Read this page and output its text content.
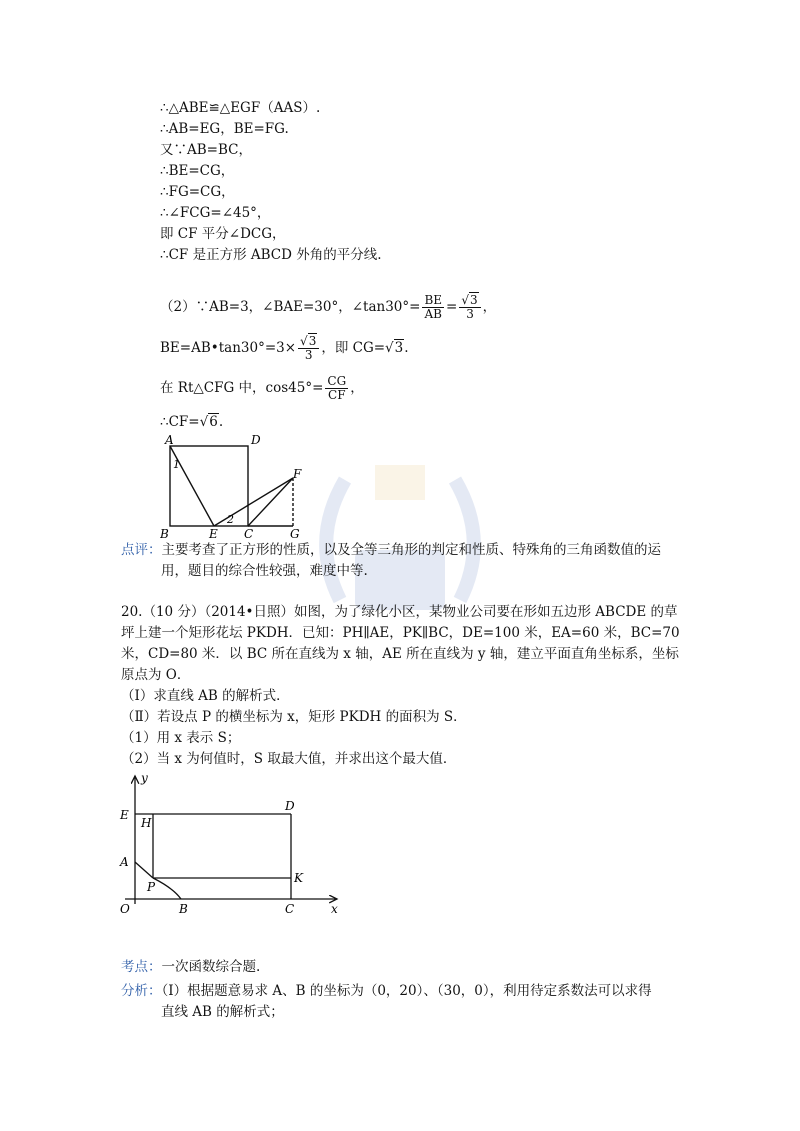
∴△ABE≌△EGF（AAS）.
∴AB=EG，BE=FG.
又∵AB=BC，
∴BE=CG，
∴FG=CG，
∴∠FCG=∠45°，
即 CF 平分∠DCG，
∴CF 是正方形 ABCD 外角的平分线.
（2）∵AB=3，∠BAE=30°，∠tan30°= $\frac{BE}{AB} = \frac{√3}{3}$ ，
BE=AB•tan30°=3× $\frac{√3}{3}$ ，即 CG=√3.
在 Rt△CFG 中，$\cos 45^\circ= \frac{CG}{CF}$ ，
∴CF=√6.
A	D
B	E C	G
F
1
2
点评：主要考查了正方形的性质，以及全等三角形的判定和性质、特殊角的三角函数值的运
用，题目的综合性较强，难度中等.
20.（10 分）（2014•日照）如图，为了绿化小区，某物业公司要在形如五边形 ABCDE 的草
坪上建一个矩形花坛 PKDH．已知：PH∥AE，PK∥BC，DE=100 米，EA=60 米，BC=70
米，CD=80 米．以 BC 所在直线为 x 轴，AE 所在直线为 y 轴，建立平面直角坐标系，坐标
原点为 O．
（Ⅰ）求直线 AB 的解析式．
（Ⅱ）若设点 P 的横坐标为 x，矩形 PKDH 的面积为 S．
（1）用 x 表示 S；
（2）当 x 为何值时，S 取最大值，并求出这个最大值．
y
x
E
H
D
A
P
K
O	B	C
考点：一次函数综合题.
分析：（Ⅰ）根据题意易求 A、B 的坐标为（0，20）、（30，0），利用待定系数法可以求得
直线 AB 的解析式；
